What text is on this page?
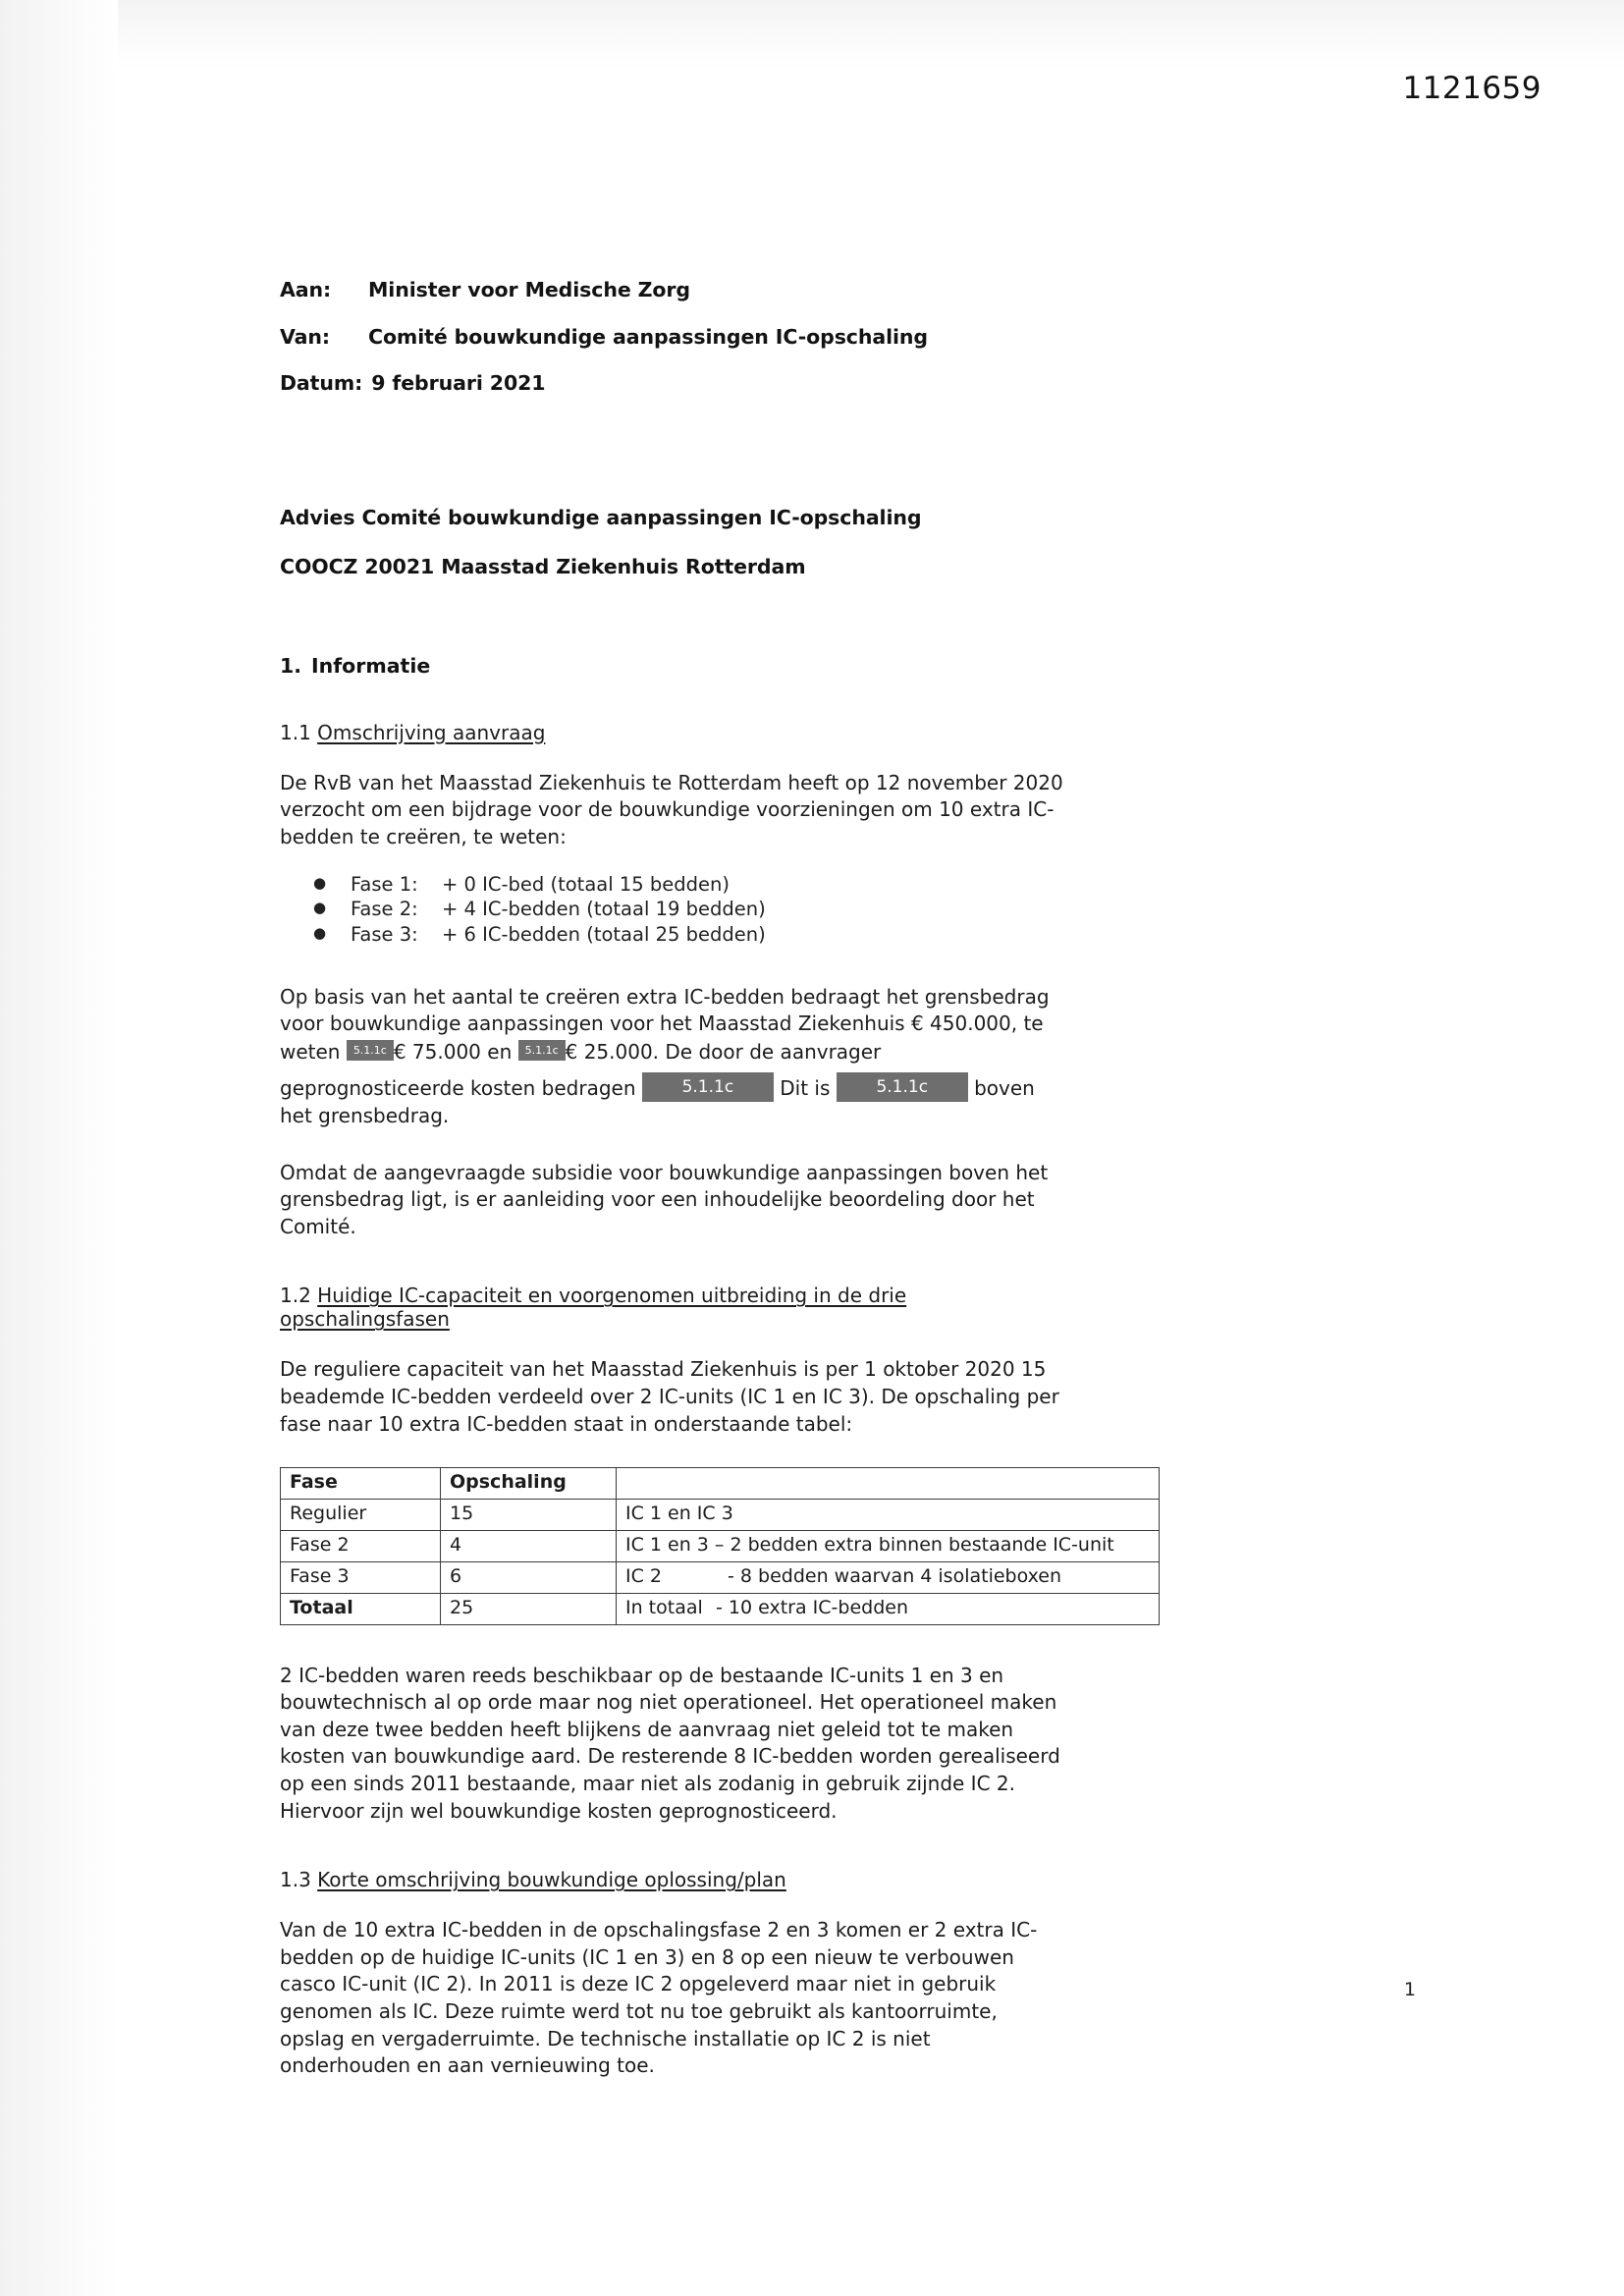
1121659
Aan:	Minister voor Medische Zorg
Van:	Comité bouwkundige aanpassingen IC-opschaling
Datum: 9 februari 2021
Advies Comité bouwkundige aanpassingen IC-opschaling
COOCZ 20021 Maasstad Ziekenhuis Rotterdam
1. Informatie
1.1 Omschrijving aanvraag

De RvB van het Maasstad Ziekenhuis te Rotterdam heeft op 12 november 2020 verzocht om een bijdrage voor de bouwkundige voorzieningen om 10 extra IC-bedden te creëren, te weten:

● Fase 1:	+ 0 IC-bed (totaal 15 bedden)
● Fase 2:	+ 4 IC-bedden (totaal 19 bedden)
● Fase 3:	+ 6 IC-bedden (totaal 25 bedden)

Op basis van het aantal te creëren extra IC-bedden bedraagt het grensbedrag voor bouwkundige aanpassingen voor het Maasstad Ziekenhuis € 450.000, te weten 5.1.1c € 75.000 en 5.1.1c € 25.000. De door de aanvrager geprognosticeerde kosten bedragen	5.1.1c Dit is	5.1.1c boven het grensbedrag.

Omdat de aangevraagde subsidie voor bouwkundige aanpassingen boven het grensbedrag ligt, is er aanleiding voor een inhoudelijke beoordeling door het Comité.

1.2 Huidige IC-capaciteit en voorgenomen uitbreiding in de drie opschalingsfasen

De reguliere capaciteit van het Maasstad Ziekenhuis is per 1 oktober 2020 15 beademde IC-bedden verdeeld over 2 IC-units (IC 1 en IC 3). De opschaling per fase naar 10 extra IC-bedden staat in onderstaande tabel:

Fase	Opschaling	
Regulier	15	IC 1 en IC 3
Fase 2	4	IC 1 en 3 – 2 bedden extra binnen bestaande IC-unit
Fase 3	6	IC 2 - 8 bedden waarvan 4 isolatieboxen
Totaal	25	In totaal - 10 extra IC-bedden

2 IC-bedden waren reeds beschikbaar op de bestaande IC-units 1 en 3 en bouwtechnisch al op orde maar nog niet operationeel. Het operationeel maken van deze twee bedden heeft blijkens de aanvraag niet geleid tot te maken kosten van bouwkundige aard. De resterende 8 IC-bedden worden gerealiseerd op een sinds 2011 bestaande, maar niet als zodanig in gebruik zijnde IC 2. Hiervoor zijn wel bouwkundige kosten geprognosticeerd.

1.3 Korte omschrijving bouwkundige oplossing/plan

Van de 10 extra IC-bedden in de opschalingsfase 2 en 3 komen er 2 extra IC-bedden op de huidige IC-units (IC 1 en 3) en 8 op een nieuw te verbouwen casco IC-unit (IC 2). In 2011 is deze IC 2 opgeleverd maar niet in gebruik genomen als IC. Deze ruimte werd tot nu toe gebruikt als kantoorruimte, opslag en vergaderruimte. De technische installatie op IC 2 is niet onderhouden en aan vernieuwing toe.

1
